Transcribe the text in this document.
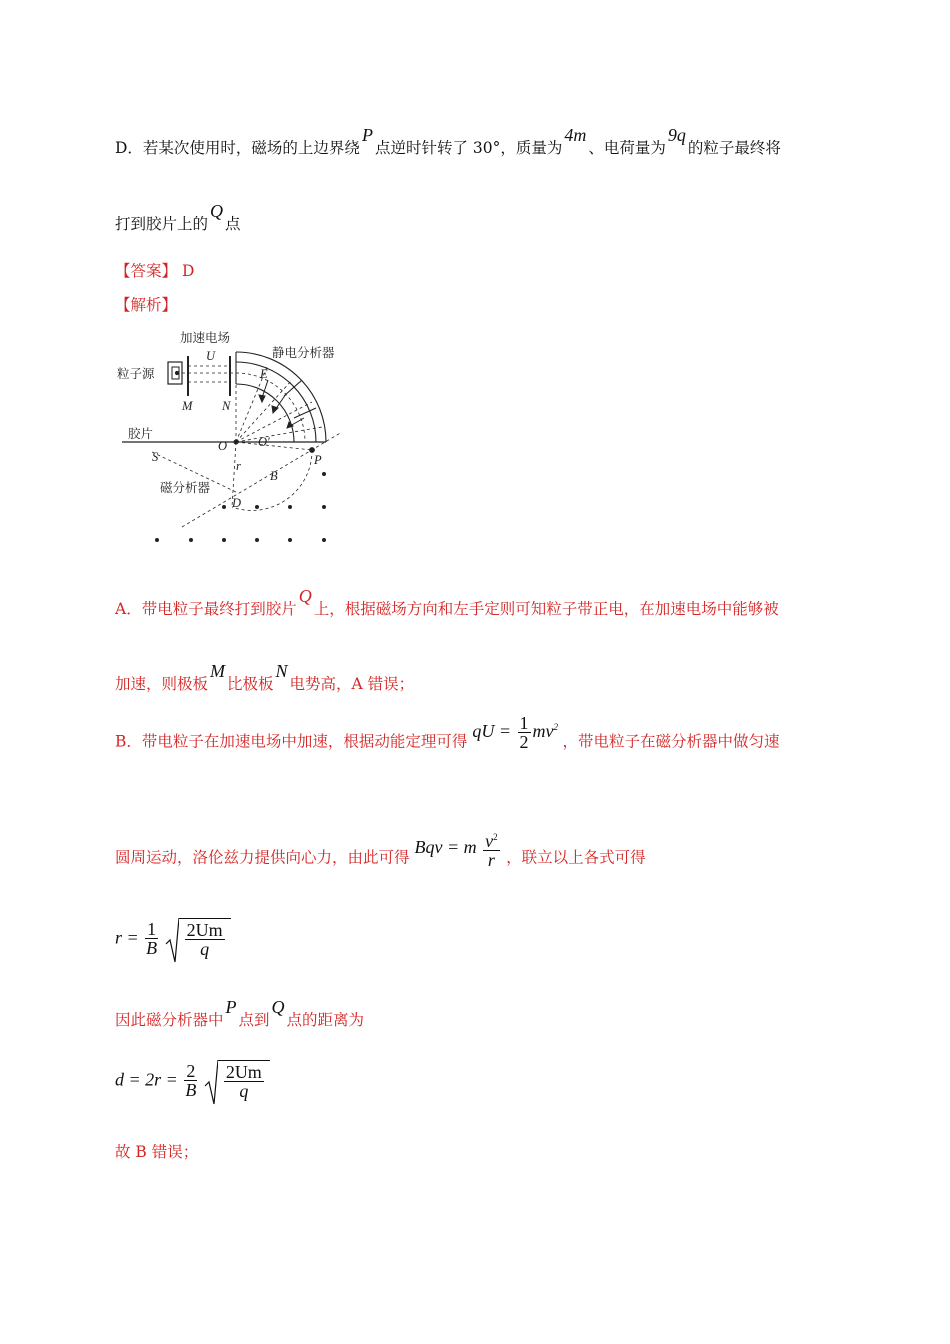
D．若某次使用时，磁场的上边界绕P点逆时针转了 30°，质量为4m、电荷量为9q的粒子最终将
打到胶片上的Q点
【答案】 D
【解析】
加速电场
U	静电分析器
粒子源
M N
E
胶片
S
O O′
P
r
B
磁分析器
D
A．带电粒子最终打到胶片Q上，根据磁场方向和左手定则可知粒子带正电，在加速电场中能够被
加速，则极板M比极板N电势高，A 错误；
B．带电粒子在加速电场中加速，根据动能定理可得 qU = $\frac{1}{2} mv^2$ ，带电粒子在磁分析器中做匀速
圆周运动，洛伦兹力提供向心力，由此可得 Bqv = m $\frac{v^2}{r}$ ，联立以上各式可得
$r = \frac{1}{B}$
$\frac{2Um}{q}$
因此磁分析器中P点到Q点的距离为
$d = 2r = \frac{2}{B}$
$\frac{2Um}{q}$
故 B 错误；
